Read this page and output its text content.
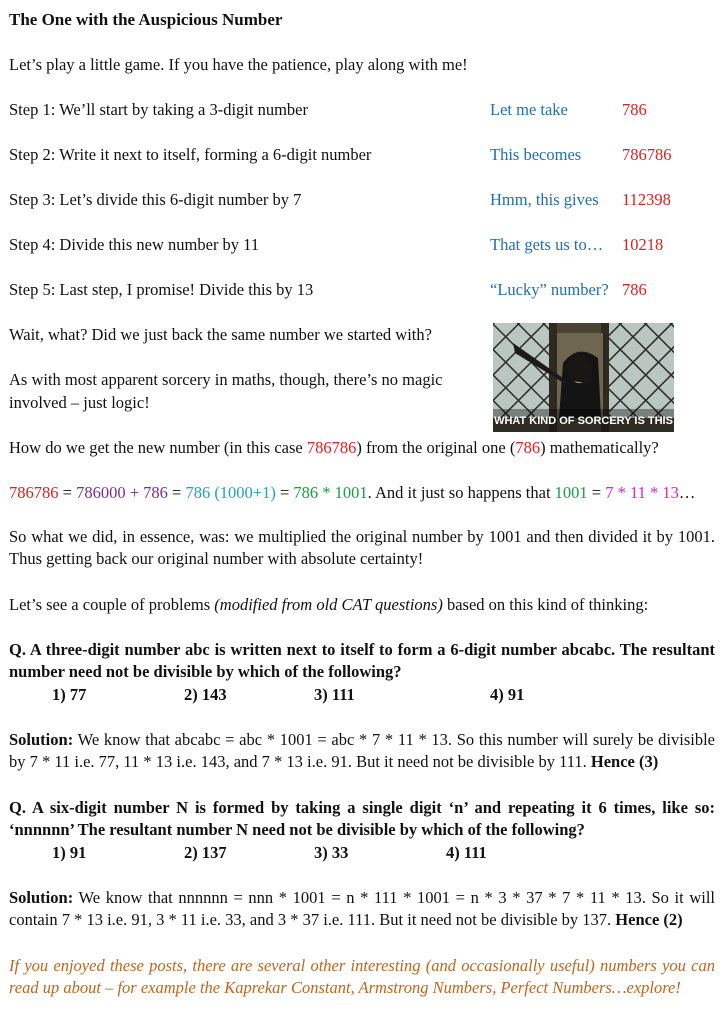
The One with the Auspicious Number
Let’s play a little game. If you have the patience, play along with me!
Step 1: We’ll start by taking a 3-digit number	Let me take	786
Step 2: Write it next to itself, forming a 6-digit number	This becomes 786786
Step 3: Let’s divide this 6-digit number by 7	Hmm, this gives 112398
Step 4: Divide this new number by 11	That gets us to… 10218
Step 5: Last step, I promise! Divide this by 13	“Lucky” number? 786
Wait, what? Did we just back the same number we started with?
As with most apparent sorcery in maths, though, there’s no magic
involved – just logic!
WHAT KIND OF SORCERY IS THIS
How do we get the new number (in this case 786786) from the original one (786) mathematically?
786786 = 786000 + 786 = 786 (1000+1) = 786 * 1001. And it just so happens that 1001 = 7 * 11 * 13…
So what we did, in essence, was: we multiplied the original number by 1001 and then divided it by 1001. Thus getting back our original number with absolute certainty!
Let’s see a couple of problems (modified from old CAT questions) based on this kind of thinking:
Q. A three-digit number abc is written next to itself to form a 6-digit number abcabc. The resultant number need not be divisible by which of the following?
1) 77	2) 143	3) 111	4) 91
Solution: We know that abcabc = abc * 1001 = abc * 7 * 11 * 13. So this number will surely be divisible by 7 * 11 i.e. 77, 11 * 13 i.e. 143, and 7 * 13 i.e. 91. But it need not be divisible by 111. Hence (3)
Q. A six-digit number N is formed by taking a single digit ‘n’ and repeating it 6 times, like so: ‘nnnnnn’ The resultant number N need not be divisible by which of the following?
1) 91	2) 137	3) 33	4) 111
Solution: We know that nnnnnn = nnn * 1001 = n * 111 * 1001 = n * 3 * 37 * 7 * 11 * 13. So it will contain 7 * 13 i.e. 91, 3 * 11 i.e. 33, and 3 * 37 i.e. 111. But it need not be divisible by 137. Hence (2)
If you enjoyed these posts, there are several other interesting (and occasionally useful) numbers you can read up about – for example the Kaprekar Constant, Armstrong Numbers, Perfect Numbers…explore!
